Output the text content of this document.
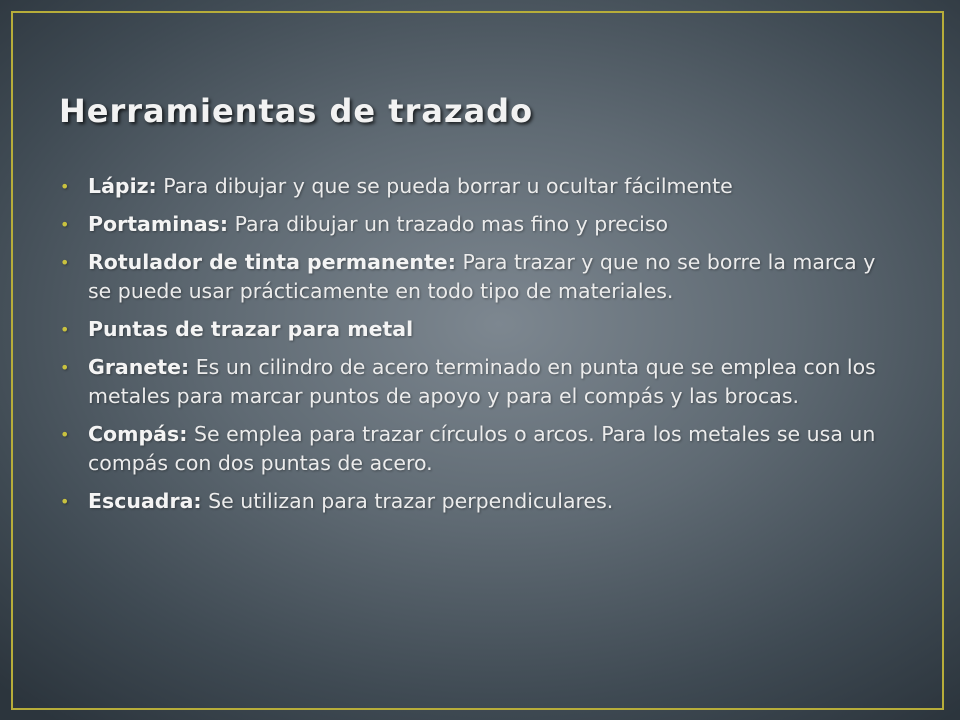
Herramientas de trazado
• Lápiz: Para dibujar y que se pueda borrar u ocultar fácilmente
• Portaminas: Para dibujar un trazado mas fino y preciso
• Rotulador de tinta permanente: Para trazar y que no se borre la marca y se puede usar prácticamente en todo tipo de materiales.
• Puntas de trazar para metal
• Granete: Es un cilindro de acero terminado en punta que se emplea con los metales para marcar puntos de apoyo y para el compás y las brocas.
• Compás: Se emplea para trazar círculos o arcos. Para los metales se usa un compás con dos puntas de acero.
• Escuadra: Se utilizan para trazar perpendiculares.
